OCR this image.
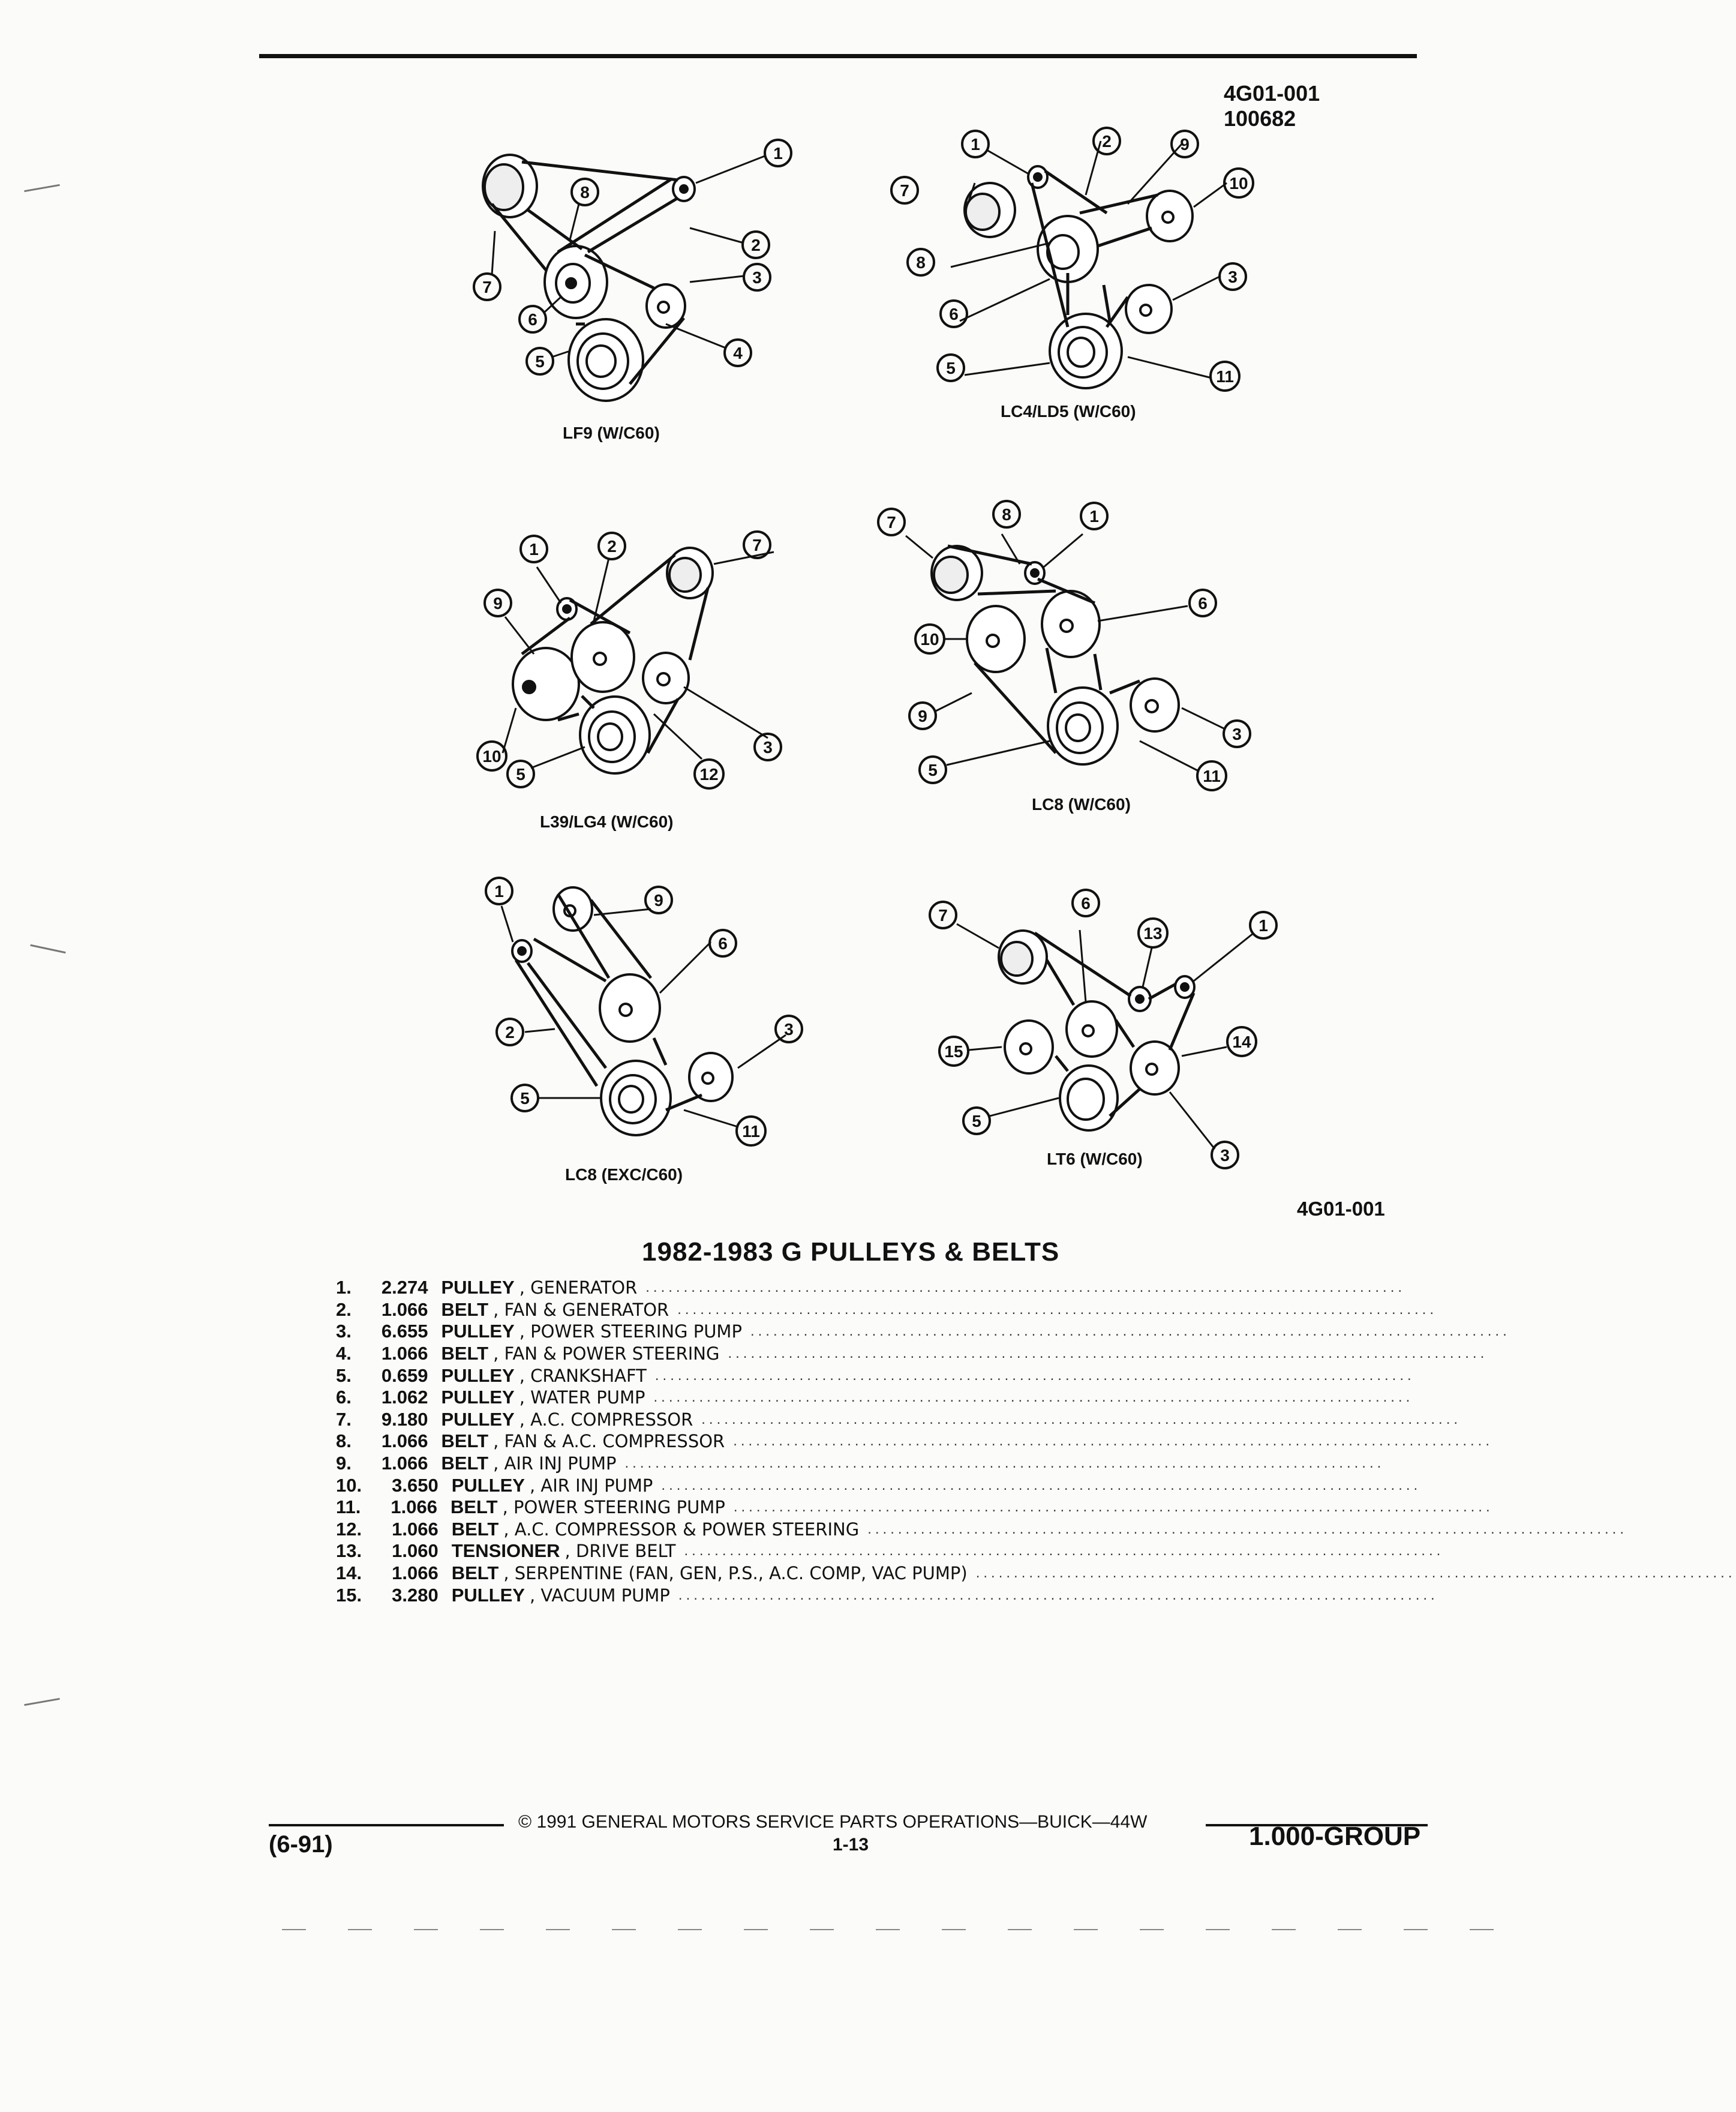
4G01-001
100682
1
2
3
4
5
6
7
8
LF9 (W/C60)
1	2	9
10
7
8
6
3
5	11
LC4/LD5 (W/C60)
1	2	7
9
10
5	12
3
L39/LG4 (W/C60)
7	8	1
6
10
9
3
5	11
LC8 (W/C60)
1	9
6
3
2
5
11
LC8 (EXC/C60)
7
6
13	1
15
14
5
3
LT6 (W/C60)
4G01-001
1982-1983 G PULLEYS & BELTS
1. 2.274 PULLEY , GENERATOR ....................................................................................................
2. 1.066 BELT , FAN & GENERATOR ....................................................................................................
3. 6.655 PULLEY , POWER STEERING PUMP ....................................................................................................
4. 1.066 BELT , FAN & POWER STEERING ....................................................................................................
5. 0.659 PULLEY , CRANKSHAFT ....................................................................................................
6. 1.062 PULLEY , WATER PUMP ....................................................................................................
7. 9.180 PULLEY , A.C. COMPRESSOR ....................................................................................................
8. 1.066 BELT , FAN & A.C. COMPRESSOR ....................................................................................................
9. 1.066 BELT , AIR INJ PUMP ....................................................................................................
10. 3.650 PULLEY , AIR INJ PUMP ....................................................................................................
11. 1.066 BELT , POWER STEERING PUMP ....................................................................................................
12. 1.066 BELT , A.C. COMPRESSOR & POWER STEERING ....................................................................................................
13. 1.060 TENSIONER , DRIVE BELT ....................................................................................................
14. 1.066 BELT , SERPENTINE (FAN, GEN, P.S., A.C. COMP, VAC PUMP) ....................................................................................................
15. 3.280 PULLEY , VACUUM PUMP ....................................................................................................
© 1991 GENERAL MOTORS SERVICE PARTS OPERATIONS—BUICK—44W
(6-91)	1-13	1.000-GROUP
